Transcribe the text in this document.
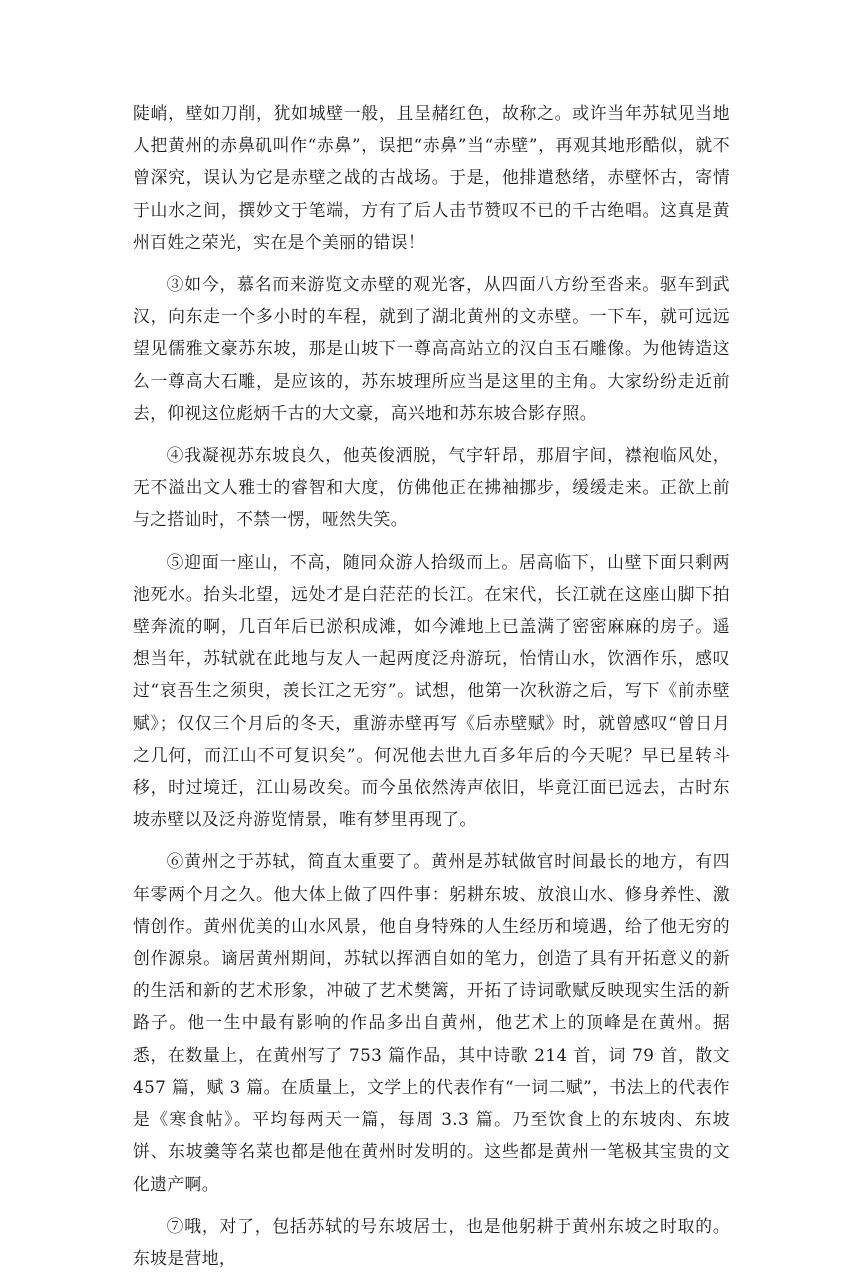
陡峭，壁如刀削，犹如城壁一般，且呈赭红色，故称之。或许当年苏轼见当地人把黄州的赤鼻矶叫作“赤鼻”，误把“赤鼻”当“赤壁”，再观其地形酷似，就不曾深究，误认为它是赤壁之战的古战场。于是，他排遣愁绪，赤壁怀古，寄情于山水之间，撰妙文于笔端，方有了后人击节赞叹不已的千古绝唱。这真是黄州百姓之荣光，实在是个美丽的错误！

③如今，慕名而来游览文赤壁的观光客，从四面八方纷至沓来。驱车到武汉，向东走一个多小时的车程，就到了湖北黄州的文赤壁。一下车，就可远远望见儒雅文豪苏东坡，那是山坡下一尊高高站立的汉白玉石雕像。为他铸造这么一尊高大石雕，是应该的，苏东坡理所应当是这里的主角。大家纷纷走近前去，仰视这位彪炳千古的大文豪，高兴地和苏东坡合影存照。

④我凝视苏东坡良久，他英俊洒脱，气宇轩昂，那眉宇间，襟袍临风处，无不溢出文人雅士的睿智和大度，仿佛他正在拂袖挪步，缓缓走来。正欲上前与之搭讪时，不禁一愣，哑然失笑。

⑤迎面一座山，不高，随同众游人拾级而上。居高临下，山壁下面只剩两池死水。抬头北望，远处才是白茫茫的长江。在宋代，长江就在这座山脚下拍壁奔流的啊，几百年后已淤积成滩，如今滩地上已盖满了密密麻麻的房子。遥想当年，苏轼就在此地与友人一起两度泛舟游玩，怡情山水，饮酒作乐，感叹过“哀吾生之须臾，羡长江之无穷”。试想，他第一次秋游之后，写下《前赤壁赋》；仅仅三个月后的冬天，重游赤壁再写《后赤壁赋》时，就曾感叹“曾日月之几何，而江山不可复识矣”。何况他去世九百多年后的今天呢？早已星转斗移，时过境迁，江山易改矣。而今虽依然涛声依旧，毕竟江面已远去，古时东坡赤壁以及泛舟游览情景，唯有梦里再现了。

⑥黄州之于苏轼，简直太重要了。黄州是苏轼做官时间最长的地方，有四年零两个月之久。他大体上做了四件事：躬耕东坡、放浪山水、修身养性、激情创作。黄州优美的山水风景，他自身特殊的人生经历和境遇，给了他无穷的创作源泉。谪居黄州期间，苏轼以挥洒自如的笔力，创造了具有开拓意义的新的生活和新的艺术形象，冲破了艺术樊篱，开拓了诗词歌赋反映现实生活的新路子。他一生中最有影响的作品多出自黄州，他艺术上的顶峰是在黄州。据悉，在数量上，在黄州写了 753 篇作品，其中诗歌 214 首，词 79 首，散文 457 篇，赋 3 篇。在质量上，文学上的代表作有“一词二赋”，书法上的代表作是《寒食帖》。平均每两天一篇，每周 3.3 篇。乃至饮食上的东坡肉、东坡饼、东坡羹等名菜也都是他在黄州时发明的。这些都是黄州一笔极其宝贵的文化遗产啊。

⑦哦，对了，包括苏轼的号东坡居士，也是他躬耕于黄州东坡之时取的。东坡是营地，
